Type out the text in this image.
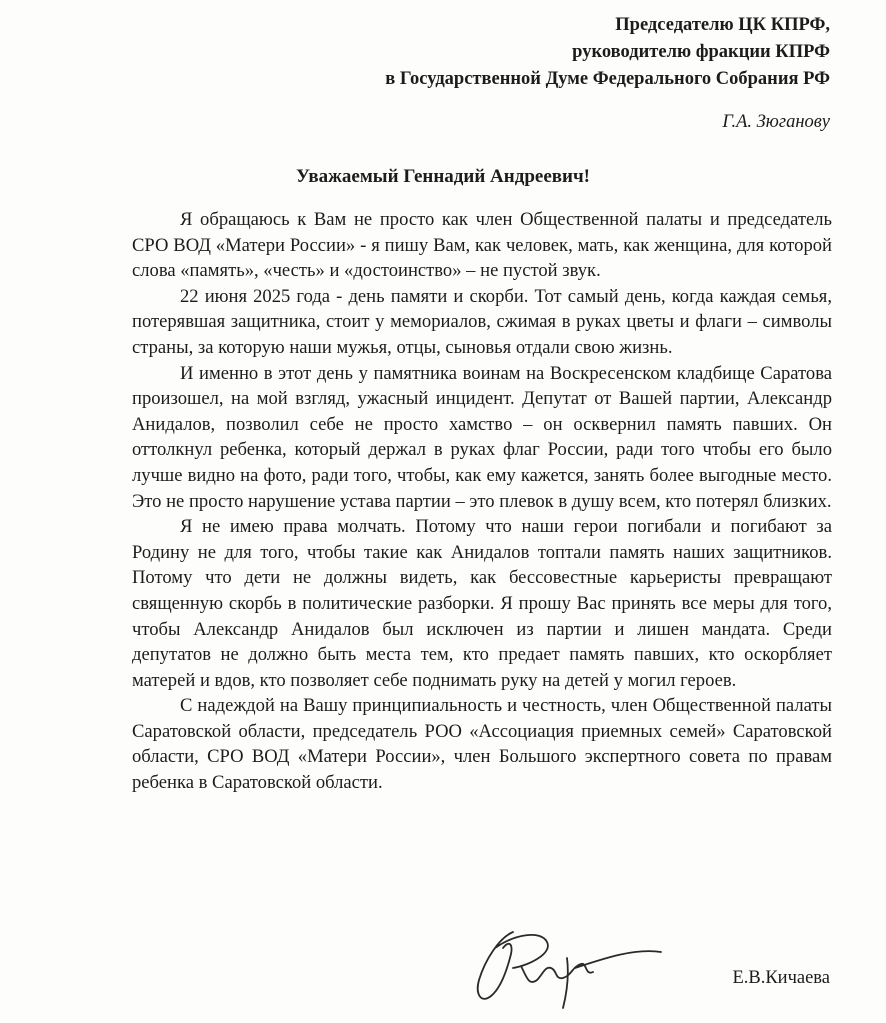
Председателю ЦК КПРФ,
руководителю фракции КПРФ
в Государственной Думе Федерального Собрания РФ
Г.А. Зюганову
Уважаемый Геннадий Андреевич!

Я обращаюсь к Вам не просто как член Общественной палаты и председатель СРО ВОД «Матери России» - я пишу Вам, как человек, мать, как женщина, для которой слова «память», «честь» и «достоинство» – не пустой звук.

22 июня 2025 года - день памяти и скорби. Тот самый день, когда каждая семья, потерявшая защитника, стоит у мемориалов, сжимая в руках цветы и флаги – символы страны, за которую наши мужья, отцы, сыновья отдали свою жизнь.

И именно в этот день у памятника воинам на Воскресенском кладбище Саратова произошел, на мой взгляд, ужасный инцидент. Депутат от Вашей партии, Александр Анидалов, позволил себе не просто хамство – он осквернил память павших. Он оттолкнул ребенка, который держал в руках флаг России, ради того чтобы его было лучше видно на фото, ради того, чтобы, как ему кажется, занять более выгодные место. Это не просто нарушение устава партии – это плевок в душу всем, кто потерял близких.

Я не имею права молчать. Потому что наши герои погибали и погибают за Родину не для того, чтобы такие как Анидалов топтали память наших защитников. Потому что дети не должны видеть, как бессовестные карьеристы превращают священную скорбь в политические разборки. Я прошу Вас принять все меры для того, чтобы Александр Анидалов был исключен из партии и лишен мандата. Среди депутатов не должно быть места тем, кто предает память павших, кто оскорбляет матерей и вдов, кто позволяет себе поднимать руку на детей у могил героев.

С надеждой на Вашу принципиальность и честность, член Общественной палаты Саратовской области, председатель РОО «Ассоциация приемных семей» Саратовской области, СРО ВОД «Матери России», член Большого экспертного совета по правам ребенка в Саратовской области.

Е.В.Кичаева
